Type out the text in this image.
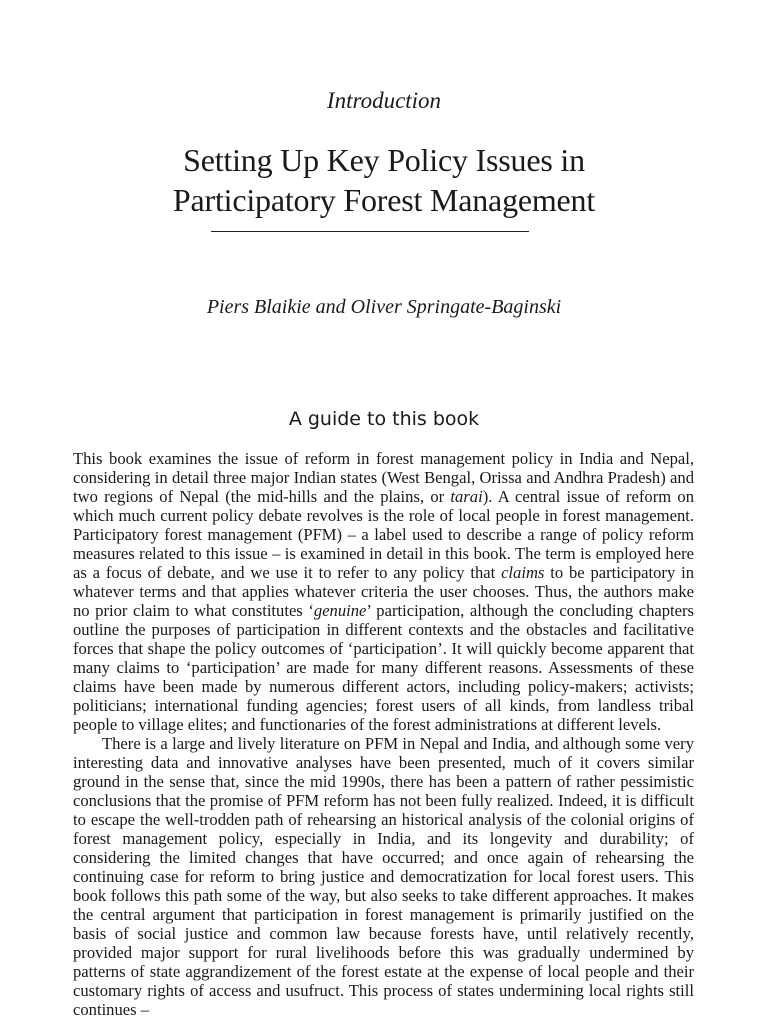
Introduction
Setting Up Key Policy Issues in
Participatory Forest Management
Piers Blaikie and Oliver Springate-Baginski
A guide to this book

This book examines the issue of reform in forest management policy in India and Nepal, considering in detail three major Indian states (West Bengal, Orissa and Andhra Pradesh) and two regions of Nepal (the mid-hills and the plains, or tarai). A central issue of reform on which much current policy debate revolves is the role of local people in forest management. Participatory forest management (PFM) – a label used to describe a range of policy reform measures related to this issue – is examined in detail in this book. The term is employed here as a focus of debate, and we use it to refer to any policy that claims to be participatory in whatever terms and that applies whatever criteria the user chooses. Thus, the authors make no prior claim to what constitutes ‘genuine’ participation, although the concluding chapters outline the purposes of participation in different contexts and the obstacles and facilitative forces that shape the policy outcomes of ‘participation’. It will quickly become apparent that many claims to ‘participation’ are made for many different reasons. Assessments of these claims have been made by numerous different actors, including policy-makers; activists; politicians; international funding agencies; forest users of all kinds, from landless tribal people to village elites; and functionaries of the forest administrations at different levels.

There is a large and lively literature on PFM in Nepal and India, and although some very interesting data and innovative analyses have been presented, much of it covers similar ground in the sense that, since the mid 1990s, there has been a pattern of rather pessimistic conclusions that the promise of PFM reform has not been fully realized. Indeed, it is difficult to escape the well-trodden path of rehearsing an historical analysis of the colonial origins of forest management policy, especially in India, and its longevity and durability; of considering the limited changes that have occurred; and once again of rehearsing the continuing case for reform to bring justice and democratization for local forest users. This book follows this path some of the way, but also seeks to take different approaches. It makes the central argument that participation in forest management is primarily justified on the basis of social justice and common law because forests have, until relatively recently, provided major support for rural livelihoods before this was gradually undermined by patterns of state aggrandizement of the forest estate at the expense of local people and their customary rights of access and usufruct. This process of states undermining local rights still continues –
